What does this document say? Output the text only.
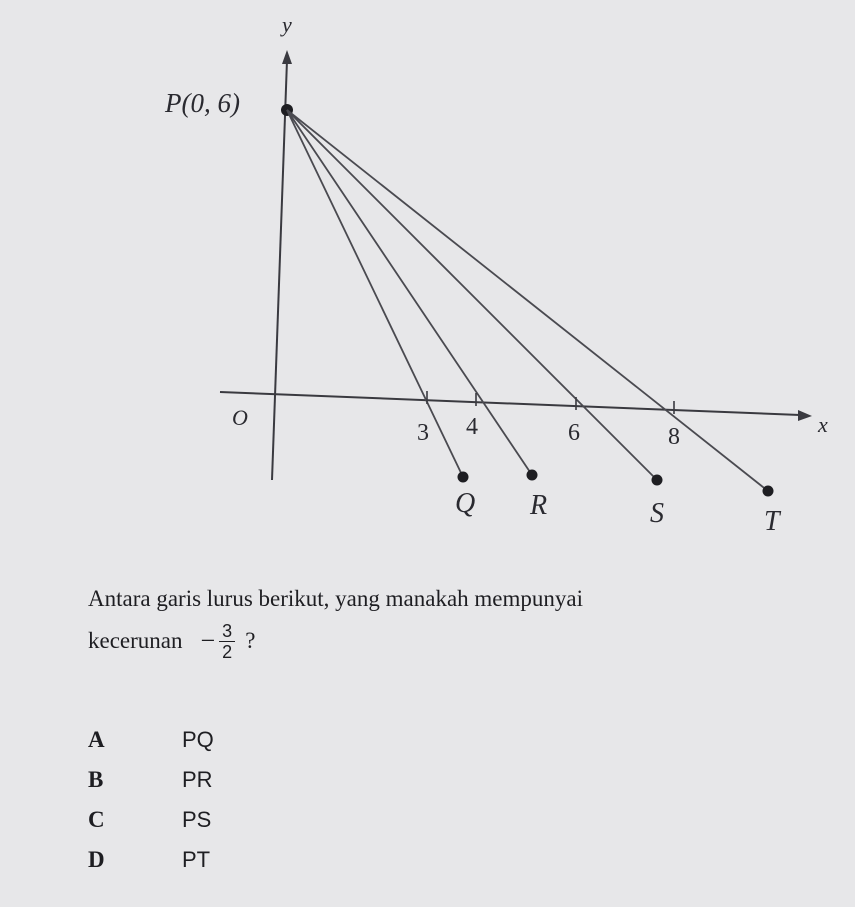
y
x
O
P(0, 6)
3 4	6	8
Q R	S	T
Antara garis lurus berikut, yang manakah mempunyai
kecerunan − $\frac{3}{2}$ ?
A	PQ
B	PR
C	PS
D	PT
